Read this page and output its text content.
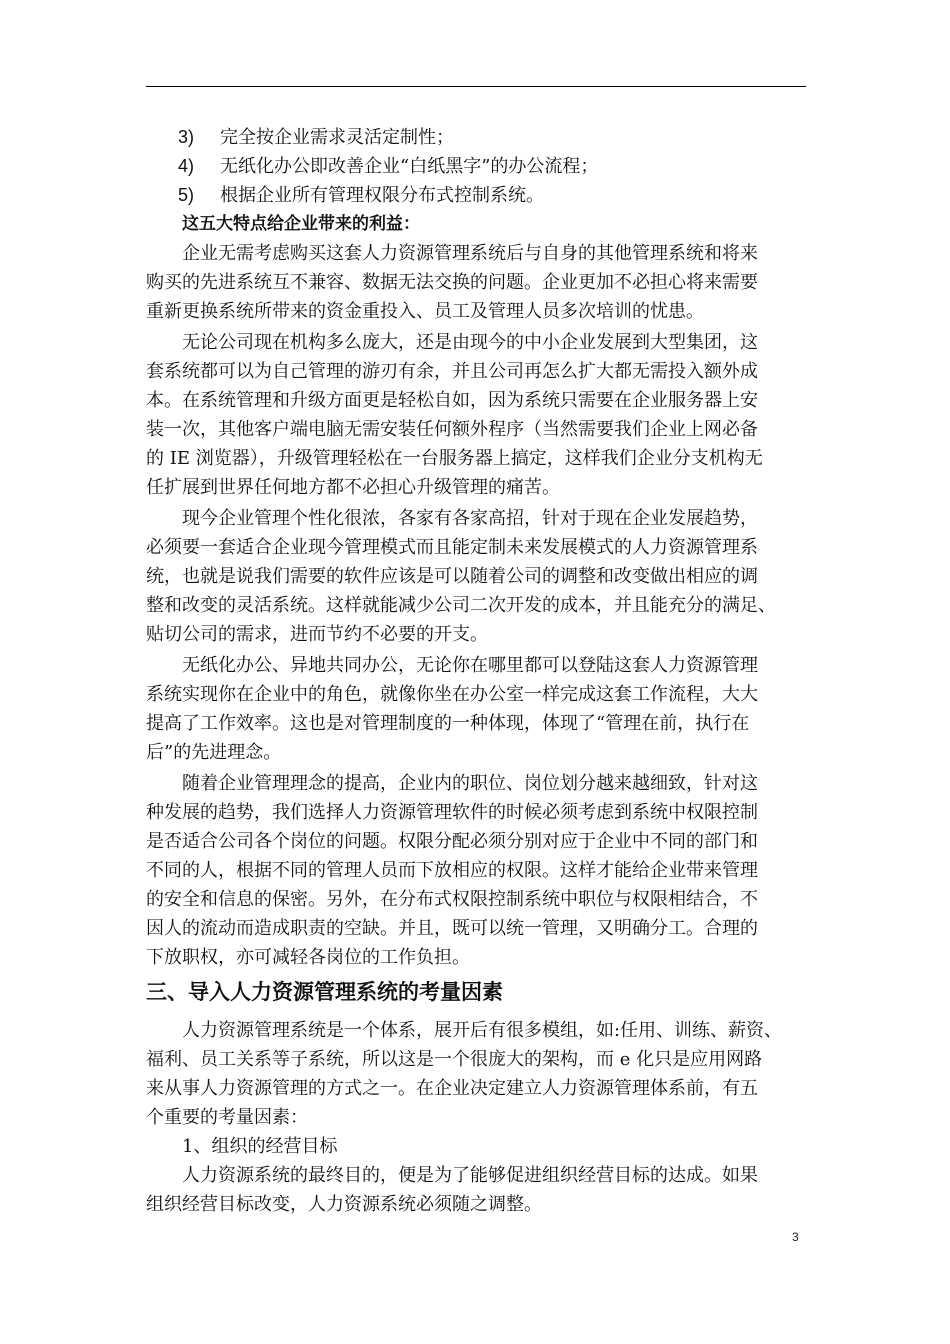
3) 完全按企业需求灵活定制性；
4) 无纸化办公即改善企业“白纸黑字”的办公流程；
5) 根据企业所有管理权限分布式控制系统。
这五大特点给企业带来的利益：
企业无需考虑购买这套人力资源管理系统后与自身的其他管理系统和将来
购买的先进系统互不兼容、数据无法交换的问题。企业更加不必担心将来需要
重新更换系统所带来的资金重投入、员工及管理人员多次培训的忧患。
无论公司现在机构多么庞大，还是由现今的中小企业发展到大型集团，这
套系统都可以为自己管理的游刃有余，并且公司再怎么扩大都无需投入额外成
本。在系统管理和升级方面更是轻松自如，因为系统只需要在企业服务器上安
装一次，其他客户端电脑无需安装任何额外程序（当然需要我们企业上网必备
的 IE 浏览器），升级管理轻松在一台服务器上搞定，这样我们企业分支机构无
任扩展到世界任何地方都不必担心升级管理的痛苦。
现今企业管理个性化很浓，各家有各家高招，针对于现在企业发展趋势，
必须要一套适合企业现今管理模式而且能定制未来发展模式的人力资源管理系
统，也就是说我们需要的软件应该是可以随着公司的调整和改变做出相应的调
整和改变的灵活系统。这样就能减少公司二次开发的成本，并且能充分的满足、
贴切公司的需求，进而节约不必要的开支。
无纸化办公、异地共同办公，无论你在哪里都可以登陆这套人力资源管理
系统实现你在企业中的角色，就像你坐在办公室一样完成这套工作流程，大大
提高了工作效率。这也是对管理制度的一种体现，体现了“管理在前，执行在
后”的先进理念。
随着企业管理理念的提高，企业内的职位、岗位划分越来越细致，针对这
种发展的趋势，我们选择人力资源管理软件的时候必须考虑到系统中权限控制
是否适合公司各个岗位的问题。权限分配必须分别对应于企业中不同的部门和
不同的人，根据不同的管理人员而下放相应的权限。这样才能给企业带来管理
的安全和信息的保密。另外，在分布式权限控制系统中职位与权限相结合，不
因人的流动而造成职责的空缺。并且，既可以统一管理，又明确分工。合理的
下放职权，亦可减轻各岗位的工作负担。
三、导入人力资源管理系统的考量因素
人力资源管理系统是一个体系，展开后有很多模组，如:任用、训练、薪资、
福利、员工关系等子系统，所以这是一个很庞大的架构，而 e 化只是应用网路
来从事人力资源管理的方式之一。在企业决定建立人力资源管理体系前，有五
个重要的考量因素：
1、组织的经营目标
人力资源系统的最终目的，便是为了能够促进组织经营目标的达成。如果
组织经营目标改变，人力资源系统必须随之调整。
3
